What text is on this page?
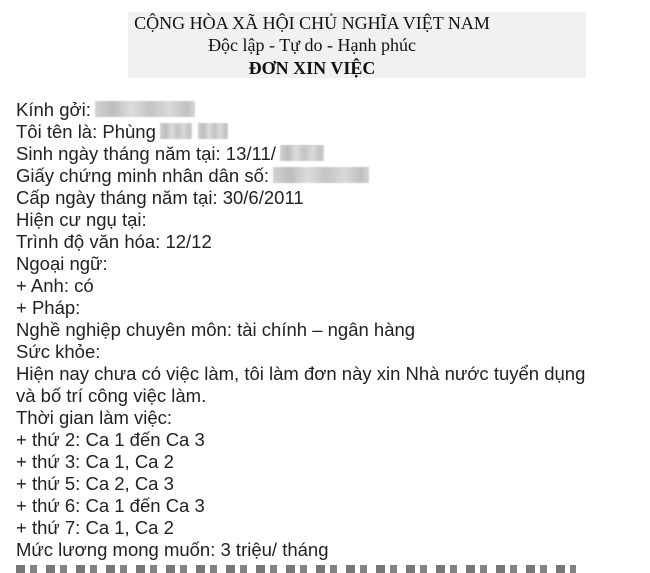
CỘNG HÒA XÃ HỘI CHỦ NGHĨA VIỆT NAM
Độc lập - Tự do - Hạnh phúc
ĐƠN XIN VIỆC
Kính gởi:
Tôi tên là: Phùng
Sinh ngày tháng năm tại: 13/11/
Giấy chứng minh nhân dân số:
Cấp ngày tháng năm tại: 30/6/2011
Hiện cư ngụ tại:
Trình độ văn hóa: 12/12
Ngoại ngữ:
+ Anh: có
+ Pháp:
Nghề nghiệp chuyên môn: tài chính – ngân hàng
Sức khỏe:
Hiện nay chưa có việc làm, tôi làm đơn này xin Nhà nước tuyển dụng
và bố trí công việc làm.
Thời gian làm việc:
+ thứ 2: Ca 1 đến Ca 3
+ thứ 3: Ca 1, Ca 2
+ thứ 5: Ca 2, Ca 3
+ thứ 6: Ca 1 đến Ca 3
+ thứ 7: Ca 1, Ca 2
Mức lương mong muốn: 3 triệu/ tháng
